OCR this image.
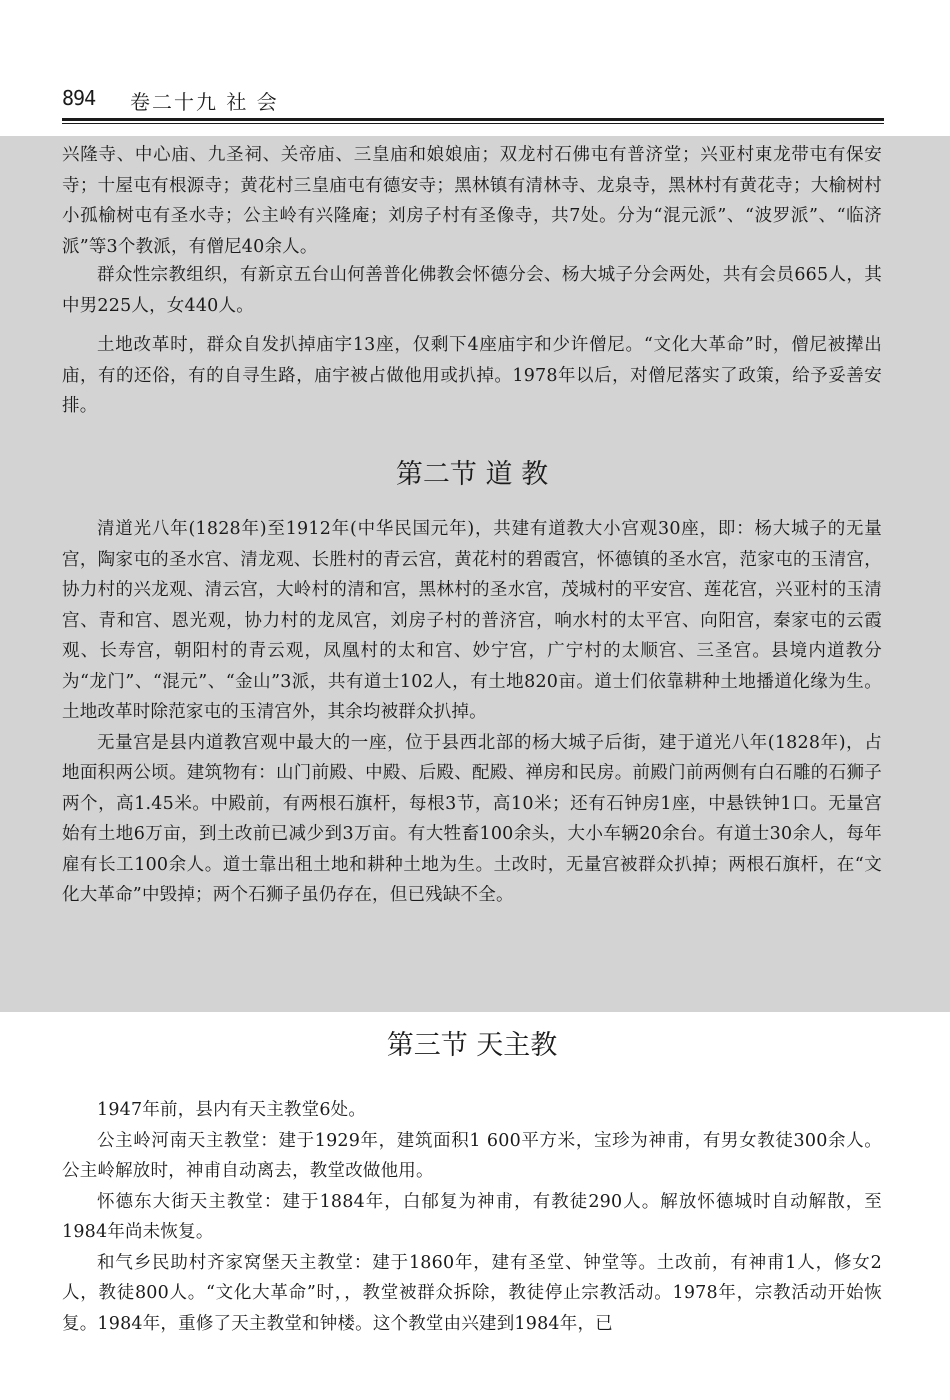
894 卷二十九 社 会

兴隆寺、中心庙、九圣祠、关帝庙、三皇庙和娘娘庙；双龙村石佛屯有普济堂；兴亚村東龙带屯有保安寺；十屋屯有根源寺；黄花村三皇庙屯有德安寺；黑林镇有清林寺、龙泉寺，黑林村有黄花寺；大榆树村小孤榆树屯有圣水寺；公主岭有兴隆庵；刘房子村有圣像寺，共7处。分为“混元派”、“波罗派”、“临济派”等3个教派，有僧尼40余人。

群众性宗教组织，有新京五台山何善普化佛教会怀德分会、杨大城子分会两处，共有会员665人，其中男225人，女440人。

土地改革时，群众自发扒掉庙宇13座，仅剩下4座庙宇和少许僧尼。“文化大革命”时，僧尼被撵出庙，有的还俗，有的自寻生路，庙宇被占做他用或扒掉。1978年以后，对僧尼落实了政策，给予妥善安排。

第二节 道 教

清道光八年(1828年)至1912年(中华民国元年)，共建有道教大小宫观30座，即：杨大城子的无量宫，陶家屯的圣水宫、清龙观、长胜村的青云宫，黄花村的碧霞宫，怀德镇的圣水宫，范家屯的玉清宫，协力村的兴龙观、清云宫，大岭村的清和宫，黑林村的圣水宫，茂城村的平安宫、莲花宫，兴亚村的玉清宫、青和宫、恩光观，协力村的龙凤宫，刘房子村的普济宫，响水村的太平宫、向阳宫，秦家屯的云霞观、长寿宫，朝阳村的青云观，凤凰村的太和宫、妙宁宫，广宁村的太顺宫、三圣宫。县境内道教分为“龙门”、“混元”、“金山”3派，共有道士102人，有土地820亩。道士们依靠耕种土地播道化缘为生。土地改革时除范家屯的玉清宫外，其余均被群众扒掉。

无量宫是县内道教宫观中最大的一座，位于县西北部的杨大城子后街，建于道光八年(1828年)，占地面积两公顷。建筑物有：山门前殿、中殿、后殿、配殿、禅房和民房。前殿门前两侧有白石雕的石狮子两个，高1.45米。中殿前，有两根石旗杆，每根3节，高10米；还有石钟房1座，中悬铁钟1口。无量宫始有土地6万亩，到土改前已减少到3万亩。有大牲畜100余头，大小车辆20余台。有道士30余人，每年雇有长工100余人。道士靠出租土地和耕种土地为生。土改时，无量宫被群众扒掉；两根石旗杆，在“文化大革命”中毁掉；两个石狮子虽仍存在，但已残缺不全。

第三节 天主教

1947年前，县内有天主教堂6处。

公主岭河南天主教堂：建于1929年，建筑面积1 600平方米，宝珍为神甫，有男女教徒300余人。公主岭解放时，神甫自动离去，教堂改做他用。

怀德东大街天主教堂：建于1884年，白郁复为神甫，有教徒290人。解放怀德城时自动解散，至1984年尚未恢复。

和气乡民助村齐家窝堡天主教堂：建于1860年，建有圣堂、钟堂等。土改前，有神甫1人，修女2人，教徒800人。“文化大革命”时，，教堂被群众拆除，教徒停止宗教活动。1978年，宗教活动开始恢复。1984年，重修了天主教堂和钟楼。这个教堂由兴建到1984年，已
